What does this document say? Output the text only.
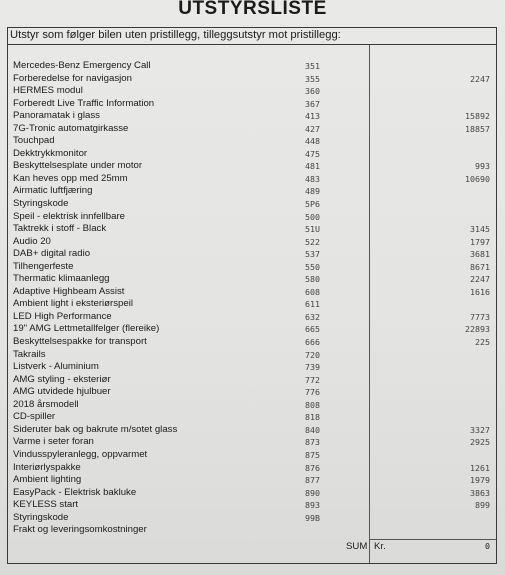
UTSTYRSLISTE
Utstyr som følger bilen uten pristillegg, tilleggsutstyr mot pristillegg:
Mercedes-Benz Emergency Call	351
Forberedelse for navigasjon	355	2247
HERMES modul	360
Forberedt Live Traffic Information	367
Panoramatak i glass	413	15892
7G-Tronic automatgirkasse	427	18857
Touchpad	448
Dekktrykkmonitor	475
Beskyttelsesplate under motor	481	993
Kan heves opp med 25mm	483	10690
Airmatic luftfjæring	489
Styringskode	5P6
Speil - elektrisk innfellbare	500
Taktrekk i stoff - Black	51U	3145
Audio 20	522	1797
DAB+ digital radio	537	3681
Tilhengerfeste	550	8671
Thermatic klimaanlegg	580	2247
Adaptive Highbeam Assist	608	1616
Ambient light i eksteriørspeil	611
LED High Performance	632	7773
19" AMG Lettmetallfelger (flereike)	665	22893
Beskyttelsespakke for transport	666	225
Takrails	720
Listverk - Aluminium	739
AMG styling - eksteriør	772
AMG utvidede hjulbuer	776
2018 årsmodell	808
CD-spiller	818
Sideruter bak og bakrute m/sotet glass	840	3327
Varme i seter foran	873	2925
Vindusspyleranlegg, oppvarmet	875
Interiørlyspakke	876	1261
Ambient lighting	877	1979
EasyPack - Elektrisk bakluke	890	3863
KEYLESS start	893	899
Styringskode	99B
Frakt og leveringsomkostninger
SUM Kr.	0
